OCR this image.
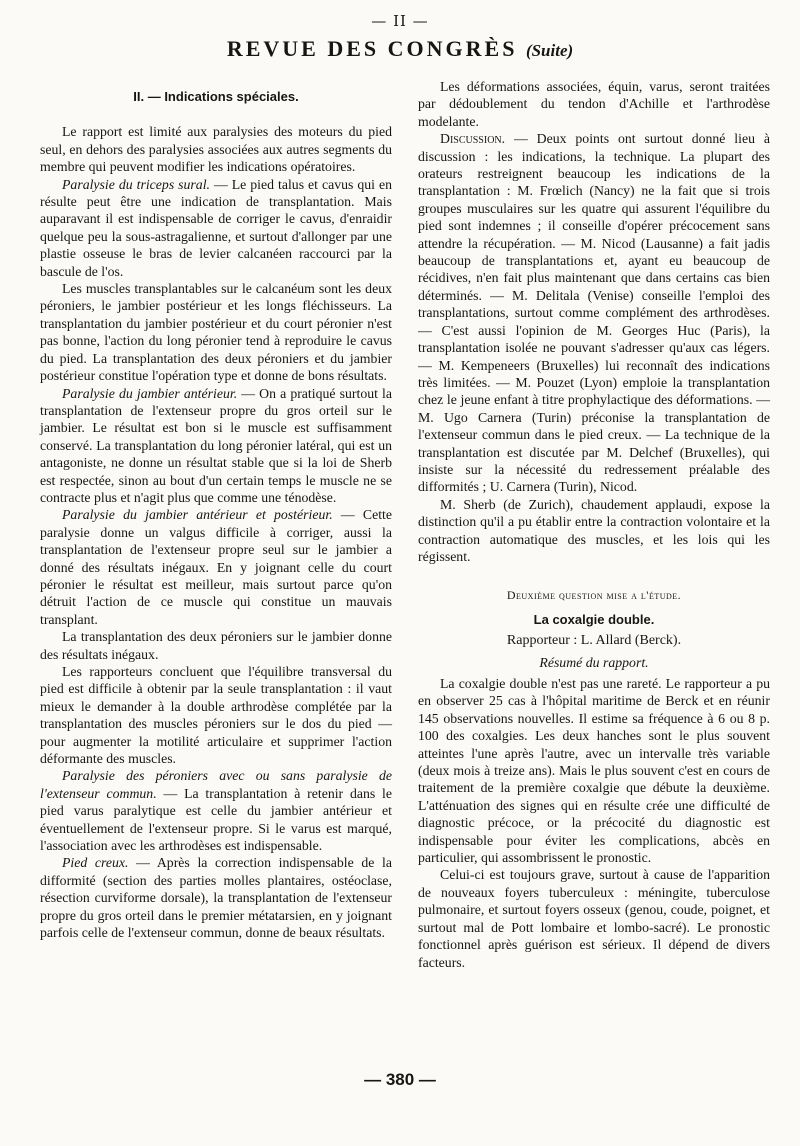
— II —
REVUE DES CONGRÈS (Suite)
II. — Indications spéciales.

Le rapport est limité aux paralysies des moteurs du pied seul, en dehors des paralysies associées aux autres segments du membre qui peuvent modifier les indications opératoires.

Paralysie du triceps sural. — Le pied talus et cavus qui en résulte peut être une indication de transplantation. Mais auparavant il est indispensable de corriger le cavus, d'enraidir quelque peu la sous-astragalienne, et surtout d'allonger par une plastie osseuse le bras de levier calcanéen raccourci par la bascule de l'os.

Les muscles transplantables sur le calcanéum sont les deux péroniers, le jambier postérieur et les longs fléchisseurs. La transplantation du jambier postérieur et du court péronier n'est pas bonne, l'action du long péronier tend à reproduire le cavus du pied. La transplantation des deux péroniers et du jambier postérieur constitue l'opération type et donne de bons résultats.

Paralysie du jambier antérieur. — On a pratiqué surtout la transplantation de l'extenseur propre du gros orteil sur le jambier. Le résultat est bon si le muscle est suffisamment conservé. La transplantation du long péronier latéral, qui est un antagoniste, ne donne un résultat stable que si la loi de Sherb est respectée, sinon au bout d'un certain temps le muscle ne se contracte plus et n'agit plus que comme une ténodèse.

Paralysie du jambier antérieur et postérieur. — Cette paralysie donne un valgus difficile à corriger, aussi la transplantation de l'extenseur propre seul sur le jambier a donné des résultats inégaux. En y joignant celle du court péronier le résultat est meilleur, mais surtout parce qu'on détruit l'action de ce muscle qui constitue un mauvais transplant.

La transplantation des deux péroniers sur le jambier donne des résultats inégaux.

Les rapporteurs concluent que l'équilibre transversal du pied est difficile à obtenir par la seule transplantation : il vaut mieux le demander à la double arthrodèse complétée par la transplantation des muscles péroniers sur le dos du pied — pour augmenter la motilité articulaire et supprimer l'action déformante des muscles.

Paralysie des péroniers avec ou sans paralysie de l'extenseur commun. — La transplantation à retenir dans le pied varus paralytique est celle du jambier antérieur et éventuellement de l'extenseur propre. Si le varus est marqué, l'association avec les arthrodèses est indispensable.

Pied creux. — Après la correction indispensable de la difformité (section des parties molles plantaires, ostéoclase, résection curviforme dorsale), la transplantation de l'extenseur propre du gros orteil dans le premier métatarsien, en y joignant parfois celle de l'extenseur commun, donne de beaux résultats.

Les déformations associées, équin, varus, seront traitées par dédoublement du tendon d'Achille et l'arthrodèse modelante.

Discussion. — Deux points ont surtout donné lieu à discussion : les indications, la technique. La plupart des orateurs restreignent beaucoup les indications de la transplantation : M. Frœlich (Nancy) ne la fait que si trois groupes musculaires sur les quatre qui assurent l'équilibre du pied sont indemnes ; il conseille d'opérer précocement sans attendre la récupération. — M. Nicod (Lausanne) a fait jadis beaucoup de transplantations et, ayant eu beaucoup de récidives, n'en fait plus maintenant que dans certains cas bien déterminés. — M. Delitala (Venise) conseille l'emploi des transplantations, surtout comme complément des arthrodèses. — C'est aussi l'opinion de M. Georges Huc (Paris), la transplantation isolée ne pouvant s'adresser qu'aux cas légers. — M. Kempeneers (Bruxelles) lui reconnaît des indications très limitées. — M. Pouzet (Lyon) emploie la transplantation chez le jeune enfant à titre prophylactique des déformations. — M. Ugo Carnera (Turin) préconise la transplantation de l'extenseur commun dans le pied creux. — La technique de la transplantation est discutée par M. Delchef (Bruxelles), qui insiste sur la nécessité du redressement préalable des difformités ; U. Carnera (Turin), Nicod.

M. Sherb (de Zurich), chaudement applaudi, expose la distinction qu'il a pu établir entre la contraction volontaire et la contraction automatique des muscles, et les lois qui les régissent.

Deuxième question mise a l'étude.
La coxalgie double.
Rapporteur : L. Allard (Berck).
Résumé du rapport.

La coxalgie double n'est pas une rareté. Le rapporteur a pu en observer 25 cas à l'hôpital maritime de Berck et en réunir 145 observations nouvelles. Il estime sa fréquence à 6 ou 8 p. 100 des coxalgies. Les deux hanches sont le plus souvent atteintes l'une après l'autre, avec un intervalle très variable (deux mois à treize ans). Mais le plus souvent c'est en cours de traitement de la première coxalgie que débute la deuxième. L'atténuation des signes qui en résulte crée une difficulté de diagnostic précoce, or la précocité du diagnostic est indispensable pour éviter les complications, abcès en particulier, qui assombrissent le pronostic.

Celui-ci est toujours grave, surtout à cause de l'apparition de nouveaux foyers tuberculeux : méningite, tuberculose pulmonaire, et surtout foyers osseux (genou, coude, poignet, et surtout mal de Pott lombaire et lombo-sacré). Le pronostic fonctionnel après guérison est sérieux. Il dépend de divers facteurs.

— 380 —
